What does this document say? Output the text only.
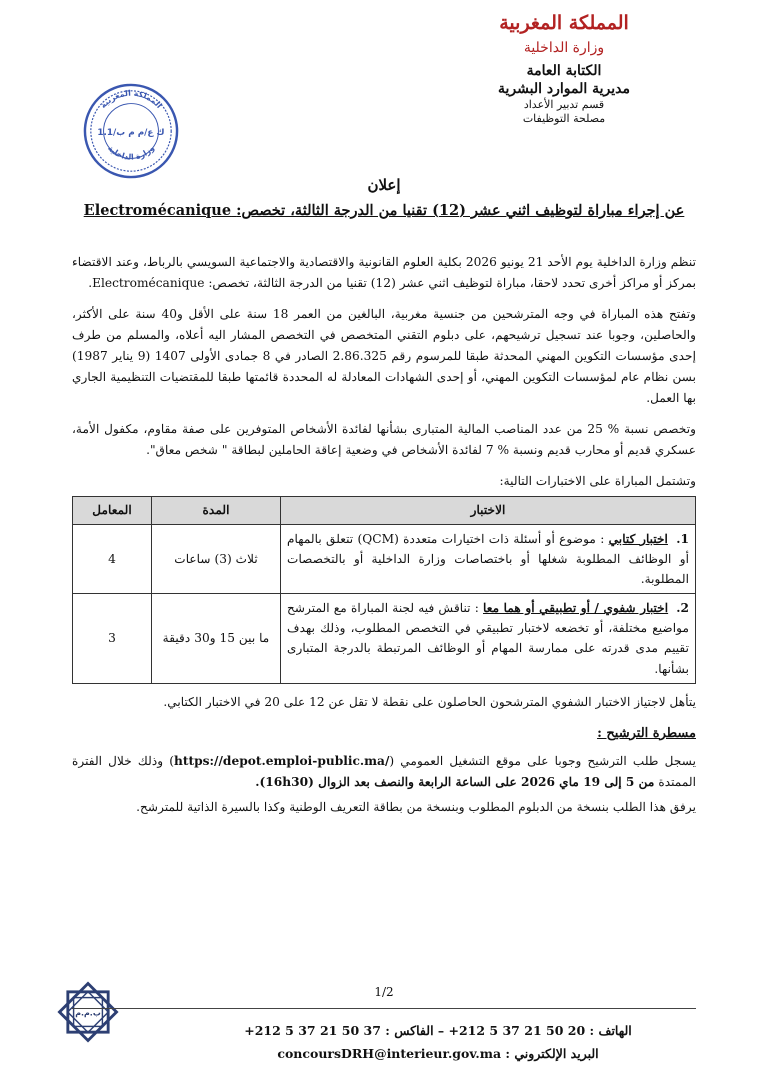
المملكة المغربية
وزارة الداخلية
الكتابة العامة
مديرية الموارد البشرية
قسم تدبير الأعداد
مصلحة التوظيفات
المملكة المغربية
وزارة الداخلية
ك ع/م م ب/1.1
إعلان
عن إجراء مباراة لتوظيف اثني عشر (12) تقنيا من الدرجة الثالثة، تخصص: Electromécanique

تنظم وزارة الداخلية يوم الأحد 21 يونيو 2026 بكلية العلوم القانونية والاقتصادية والاجتماعية السويسي بالرباط، وعند الاقتضاء بمركز أو مراكز أخرى تحدد لاحقا، مباراة لتوظيف اثني عشر (12) تقنيا من الدرجة الثالثة، تخصص: Electromécanique.

وتفتح هذه المباراة في وجه المترشحين من جنسية مغربية، البالغين من العمر 18 سنة على الأقل و40 سنة على الأكثر، والحاصلين، وجوبا عند تسجيل ترشيحهم، على دبلوم التقني المتخصص في التخصص المشار اليه أعلاه، والمسلم من طرف إحدى مؤسسات التكوين المهني المحدثة طبقا للمرسوم رقم 2.86.325 الصادر في 8 جمادى الأولى 1407 (9 يناير 1987) بسن نظام عام لمؤسسات التكوين المهني، أو إحدى الشهادات المعادلة له المحددة قائمتها طبقا للمقتضيات التنظيمية الجاري بها العمل.

وتخصص نسبة % 25 من عدد المناصب المالية المتبارى بشأنها لفائدة الأشخاص المتوفرين على صفة مقاوم، مكفول الأمة، عسكري قديم أو محارب قديم ونسبة % 7 لفائدة الأشخاص في وضعية إعاقة الحاملين لبطاقة " شخص معاق".

وتشتمل المباراة على الاختبارات التالية:

الاختبار	المدة	المعامل
1. اختبار كتابي : موضوع أو أسئلة ذات اختيارات متعددة (QCM) تتعلق بالمهام أو الوظائف المطلوبة شغلها أو باختصاصات وزارة الداخلية أو بالتخصصات المطلوبة.	ثلاث (3) ساعات	4
2. اختبار شفوي / أو تطبيقي أو هما معا : تناقش فيه لجنة المباراة مع المترشح مواضيع مختلفة، أو تخضعه لاختبار تطبيقي في التخصص المطلوب، وذلك بهدف تقييم مدى قدرته على ممارسة المهام أو الوظائف المرتبطة بالدرجة المتبارى بشأنها.	ما بين 15 و30 دقيقة	3

يتأهل لاجتياز الاختبار الشفوي المترشحون الحاصلون على نقطة لا تقل عن 12 على 20 في الاختبار الكتابي.

مسطرة الترشيح :

يسجل طلب الترشيح وجوبا على موقع التشغيل العمومي (https://depot.emploi-public.ma/) وذلك خلال الفترة الممتدة من 5 إلى 19 ماي 2026 على الساعة الرابعة والنصف بعد الزوال (16h30).

يرفق هذا الطلب بنسخة من الدبلوم المطلوب وبنسخة من بطاقة التعريف الوطنية وكذا بالسيرة الذاتية للمترشح.

1/2
ب.م.م
الهاتف : 20 50 21 37 5 212+ – الفاكس : 37 50 21 37 5 212+
البريد الإلكتروني : concoursDRH@interieur.gov.ma
